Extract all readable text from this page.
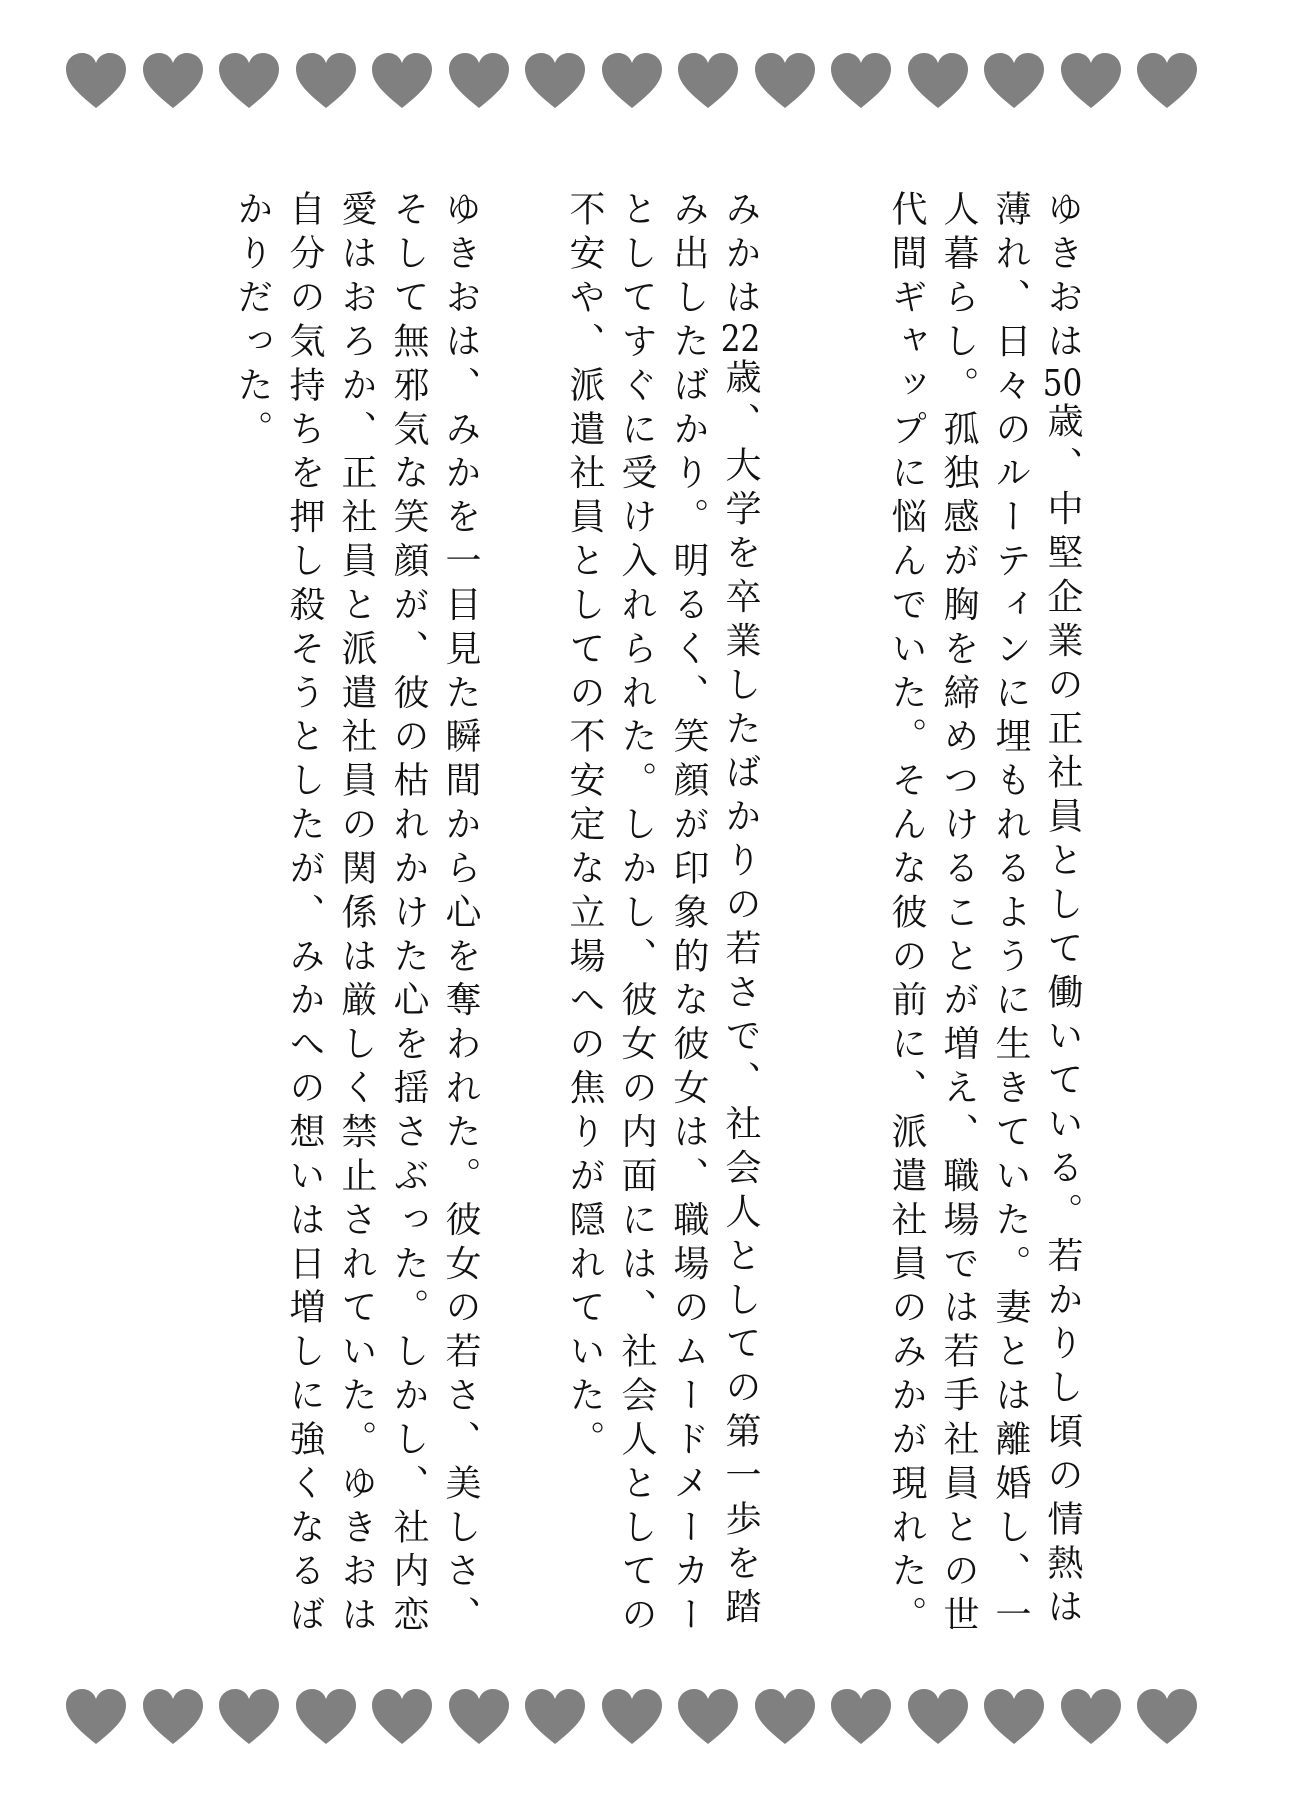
ゆきおは50歳、中堅企業の正社員として働いている。若かりし頃の情熱は薄れ、日々のルーティンに埋もれるように生きていた。妻とは離婚し、一人暮らし。孤独感が胸を締めつけることが増え、職場では若手社員との世代間ギャップに悩んでいた。そんな彼の前に、派遣社員のみかが現れた。

みかは22歳、大学を卒業したばかりの若さで、社会人としての第一歩を踏み出したばかり。明るく、笑顔が印象的な彼女は、職場のムードメーカーとしてすぐに受け入れられた。しかし、彼女の内面には、社会人としての不安や、派遣社員としての不安定な立場への焦りが隠れていた。

ゆきおは、みかを一目見た瞬間から心を奪われた。彼女の若さ、美しさ、そして無邪気な笑顔が、彼の枯れかけた心を揺さぶった。しかし、社内恋愛はおろか、正社員と派遣社員の関係は厳しく禁止されていた。ゆきおは自分の気持ちを押し殺そうとしたが、みかへの想いは日増しに強くなるばかりだった。
